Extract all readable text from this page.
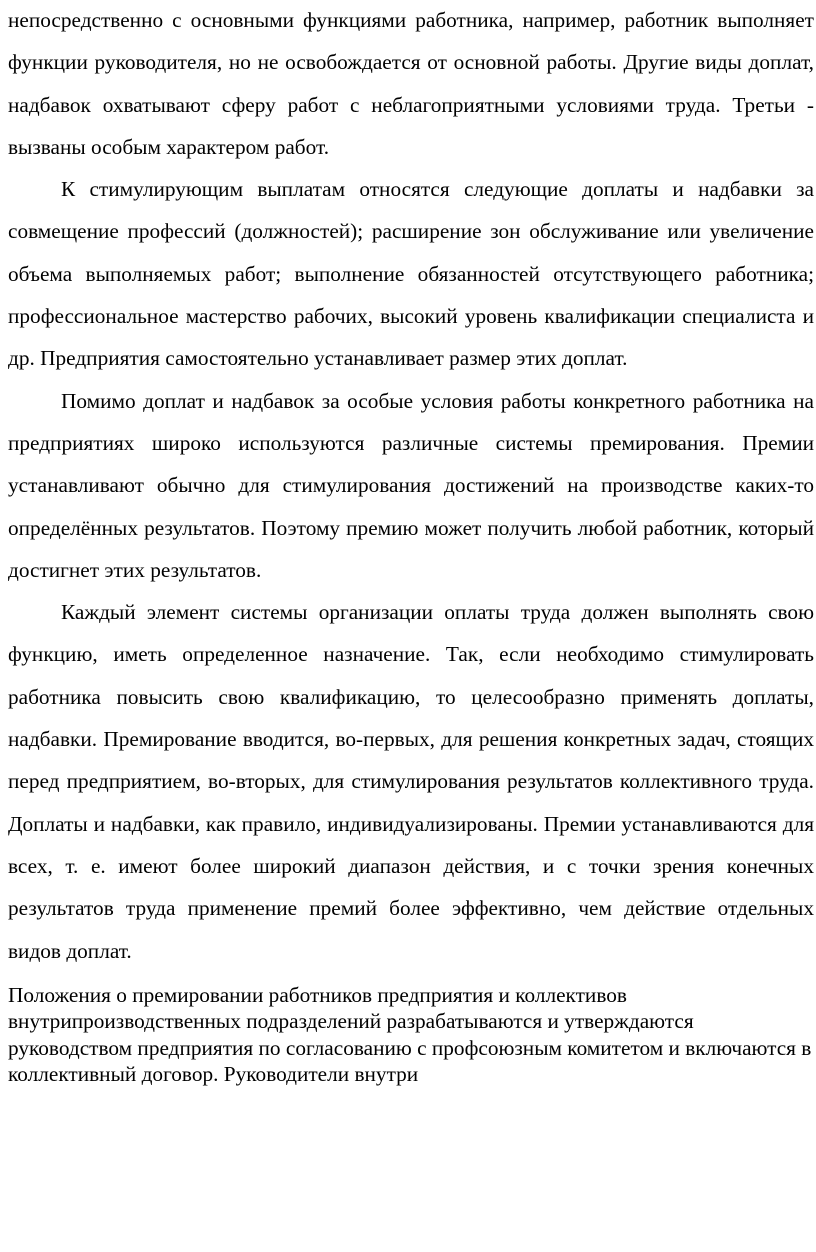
непосредственно с основными функциями работника, например, работник выполняет функции руководителя, но не освобождается от основной работы. Другие виды доплат, надбавок охватывают сферу работ с неблагоприятными условиями труда. Третьи - вызваны особым характером работ.

К стимулирующим выплатам относятся следующие доплаты и надбавки за совмещение профессий (должностей); расширение зон обслуживание или увеличение объема выполняемых работ; выполнение обязанностей отсутствующего работника; профессиональное мастерство рабочих, высокий уровень квалификации специалиста и др. Предприятия самостоятельно устанавливает размер этих доплат.

Помимо доплат и надбавок за особые условия работы конкретного работника на предприятиях широко используются различные системы премирования. Премии устанавливают обычно для стимулирования достижений на производстве каких-то определённых результатов. Поэтому премию может получить любой работник, который достигнет этих результатов.

Каждый элемент системы организации оплаты труда должен выполнять свою функцию, иметь определенное назначение. Так, если необходимо стимулировать работника повысить свою квалификацию, то целесообразно применять доплаты, надбавки. Премирование вводится, во-первых, для решения конкретных задач, стоящих перед предприятием, во-вторых, для стимулирования результатов коллективного труда. Доплаты и надбавки, как правило, индивидуализированы. Премии устанавливаются для всех, т. е. имеют более широкий диапазон действия, и с точки зрения конечных результатов труда применение премий более эффективно, чем действие отдельных видов доплат.

Положения о премировании работников предприятия и коллективов внутрипроизводственных подразделений разрабатываются и утверждаются руководством предприятия по согласованию с профсоюзным комитетом и включаются в коллективный договор. Руководители внутри
